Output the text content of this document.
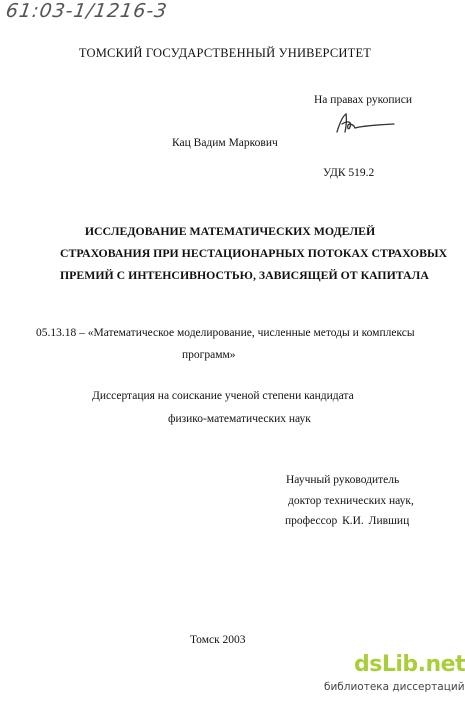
61:03-1/1216-3
ТОМСКИЙ ГОСУДАРСТВЕННЫЙ УНИВЕРСИТЕТ
На правах рукописи
Кац Вадим Маркович
УДК 519.2
ИССЛЕДОВАНИЕ МАТЕМАТИЧЕСКИХ МОДЕЛЕЙ
СТРАХОВАНИЯ ПРИ НЕСТАЦИОНАРНЫХ ПОТОКАХ СТРАХОВЫХ
ПРЕМИЙ С ИНТЕНСИВНОСТЬЮ, ЗАВИСЯЩЕЙ ОТ КАПИТАЛА
05.13.18 – «Математическое моделирование, численные методы и комплексы
программ»
Диссертация на соискание ученой степени кандидата
физико-математических наук
Научный руководитель
доктор технических наук,
профессор К.И. Лившиц
Томск 2003
dsLib.net
библиотека диссертаций
